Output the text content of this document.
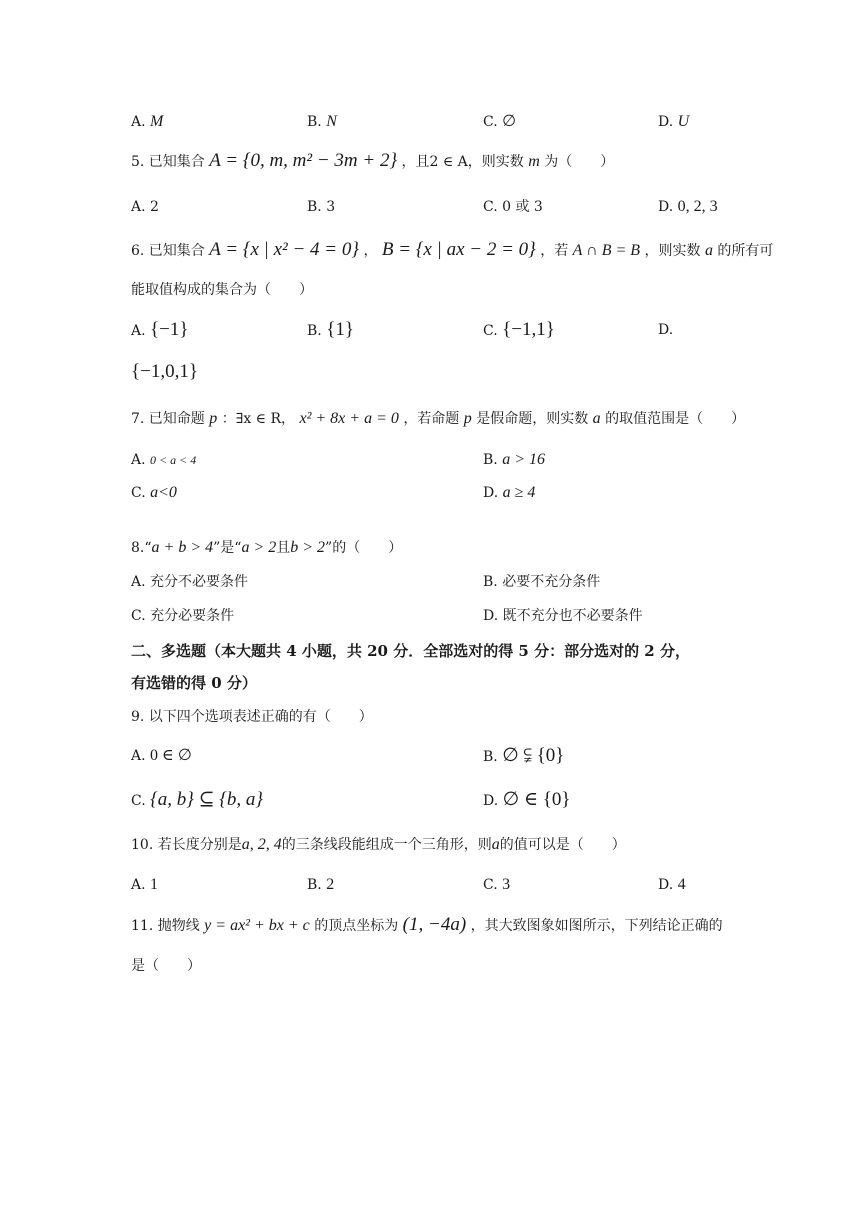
A. M	B. N	C. ∅	D. U
5. 已知集合 A = {0, m, m² − 3m + 2} ，且2 ∈ A，则实数 m 为（　　）
A. 2	B. 3	C. 0 或 3	D. 0, 2, 3
6. 已知集合 A = {x | x² − 4 = 0} ， B = {x | ax − 2 = 0} ，若 A ∩ B = B ，则实数 a 的所有可
能取值构成的集合为（　　）
A. {−1}	B. {1}	C. {−1,1}	D.
{−1,0,1}
7. 已知命题 p ：∃x ∈ R， x² + 8x + a = 0 ，若命题 p 是假命题，则实数 a 的取值范围是（　　）
A. 0 < a < 4	B. a > 16
C. a<0	D. a ≥ 4
8.“a + b > 4”是“a > 2且b > 2”的（　　）
A. 充分不必要条件	B. 必要不充分条件
C. 充分必要条件	D. 既不充分也不必要条件
二、多选题（本大题共 4 小题，共 20 分．全部选对的得 5 分：部分选对的 2 分，
有选错的得 0 分）
9. 以下四个选项表述正确的有（　　）
A. 0 ∈ ∅	B. ∅ ⫋ {0}
C. {a, b} ⊆ {b, a}	D. ∅ ∈ {0}
10. 若长度分别是a, 2, 4的三条线段能组成一个三角形，则a的值可以是（　　）
A. 1	B. 2	C. 3	D. 4
11. 抛物线 y = ax² + bx + c 的顶点坐标为 (1, −4a) ，其大致图象如图所示，下列结论正确的
是（　　）
